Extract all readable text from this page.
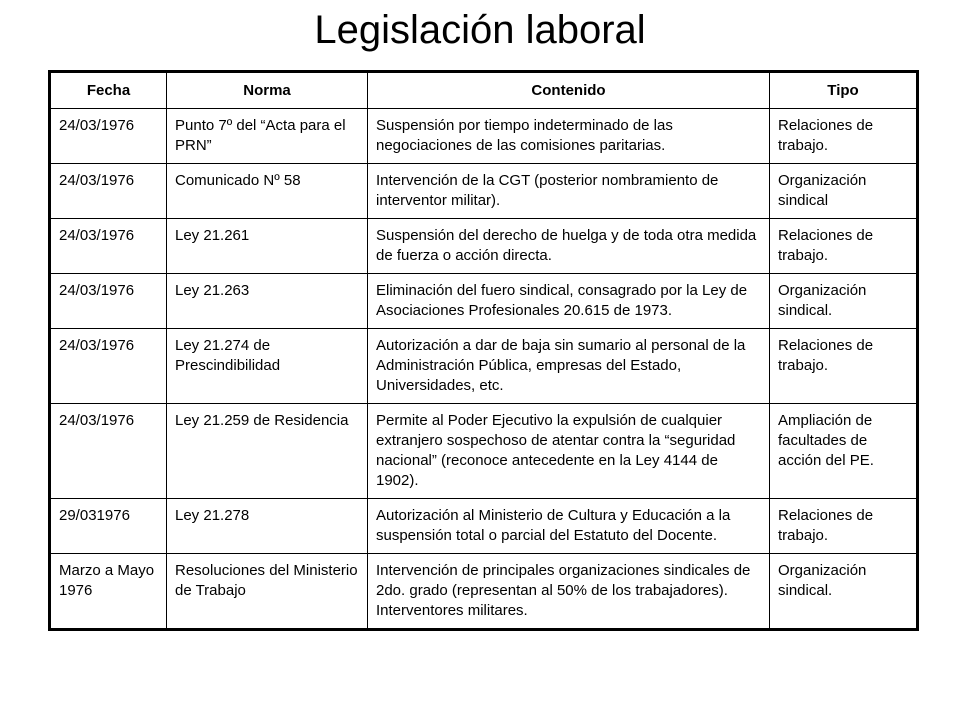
Legislación laboral
Fecha	Norma	Contenido	Tipo
24/03/1976	Punto 7º del “Acta para el PRN”	Suspensión por tiempo indeterminado de las negociaciones de las comisiones paritarias.	Relaciones de trabajo.
24/03/1976	Comunicado Nº 58	Intervención de la CGT (posterior nombramiento de interventor militar).	Organización sindical
24/03/1976	Ley 21.261	Suspensión del derecho de huelga y de toda otra medida de fuerza o acción directa.	Relaciones de trabajo.
24/03/1976	Ley 21.263	Eliminación del fuero sindical, consagrado por la Ley de Asociaciones Profesionales 20.615 de 1973.	Organización sindical.
24/03/1976	Ley 21.274 de Prescindibilidad	Autorización a dar de baja sin sumario al personal de la Administración Pública, empresas del Estado, Universidades, etc.	Relaciones de trabajo.
24/03/1976	Ley 21.259 de Residencia	Permite al Poder Ejecutivo la expulsión de cualquier extranjero sospechoso de atentar contra la “seguridad nacional” (reconoce antecedente en la Ley 4144 de 1902).	Ampliación de facultades de acción del PE.
29/031976	Ley 21.278	Autorización al Ministerio de Cultura y Educación a la suspensión total o parcial del Estatuto del Docente.	Relaciones de trabajo.
Marzo a Mayo 1976	Resoluciones del Ministerio de Trabajo	Intervención de principales organizaciones sindicales de 2do. grado (representan al 50% de los trabajadores). Interventores militares.	Organización sindical.
